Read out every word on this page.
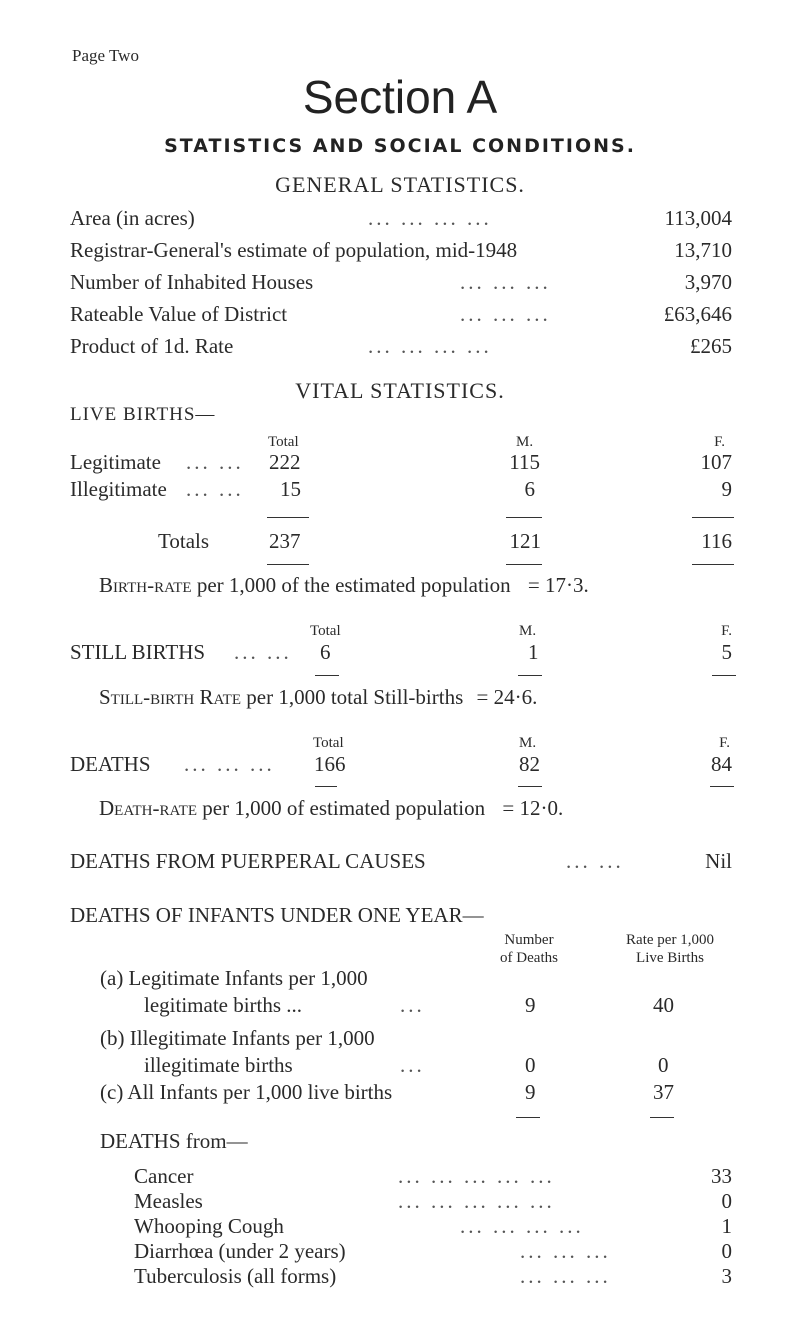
Page Two
Section A
STATISTICS AND SOCIAL CONDITIONS.
GENERAL STATISTICS.
Area (in acres)	... ... ... ...	113,004
Registrar-General's estimate of population, mid-1948	13,710
Number of Inhabited Houses	... ... ...	3,970
Rateable Value of District	... ... ...	£63,646
Product of 1d. Rate	... ... ... ...	£265
VITAL STATISTICS.
LIVE BIRTHS—
Total	M.	F.
Legitimate ... ... 222	115	107
Illegitimate ... ... 15	6	9
Totals	237	121	116
Birth-rate per 1,000 of the estimated population = 17·3.
Total	M.	F.
STILL BIRTHS ... ... 6	1	5
Still-birth Rate per 1,000 total Still-births = 24·6.
Total	M.	F.
DEATHS ... ... ... 166	82	84
Death-rate per 1,000 of estimated population = 12·0.
DEATHS FROM PUERPERAL CAUSES	... ...	Nil
DEATHS OF INFANTS UNDER ONE YEAR—
Number
of Deaths
Rate per 1,000
Live Births
(a) Legitimate Infants per 1,000
legitimate births ...	...	9	40
(b) Illegitimate Infants per 1,000
illegitimate births	...	0	0
(c) All Infants per 1,000 live births	9	37
DEATHS from—
Cancer	... ... ... ... ...	33
Measles	... ... ... ... ...	0
Whooping Cough	... ... ... ...	1
Diarrhœa (under 2 years)	... ... ...	0
Tuberculosis (all forms)	... ... ...	3
